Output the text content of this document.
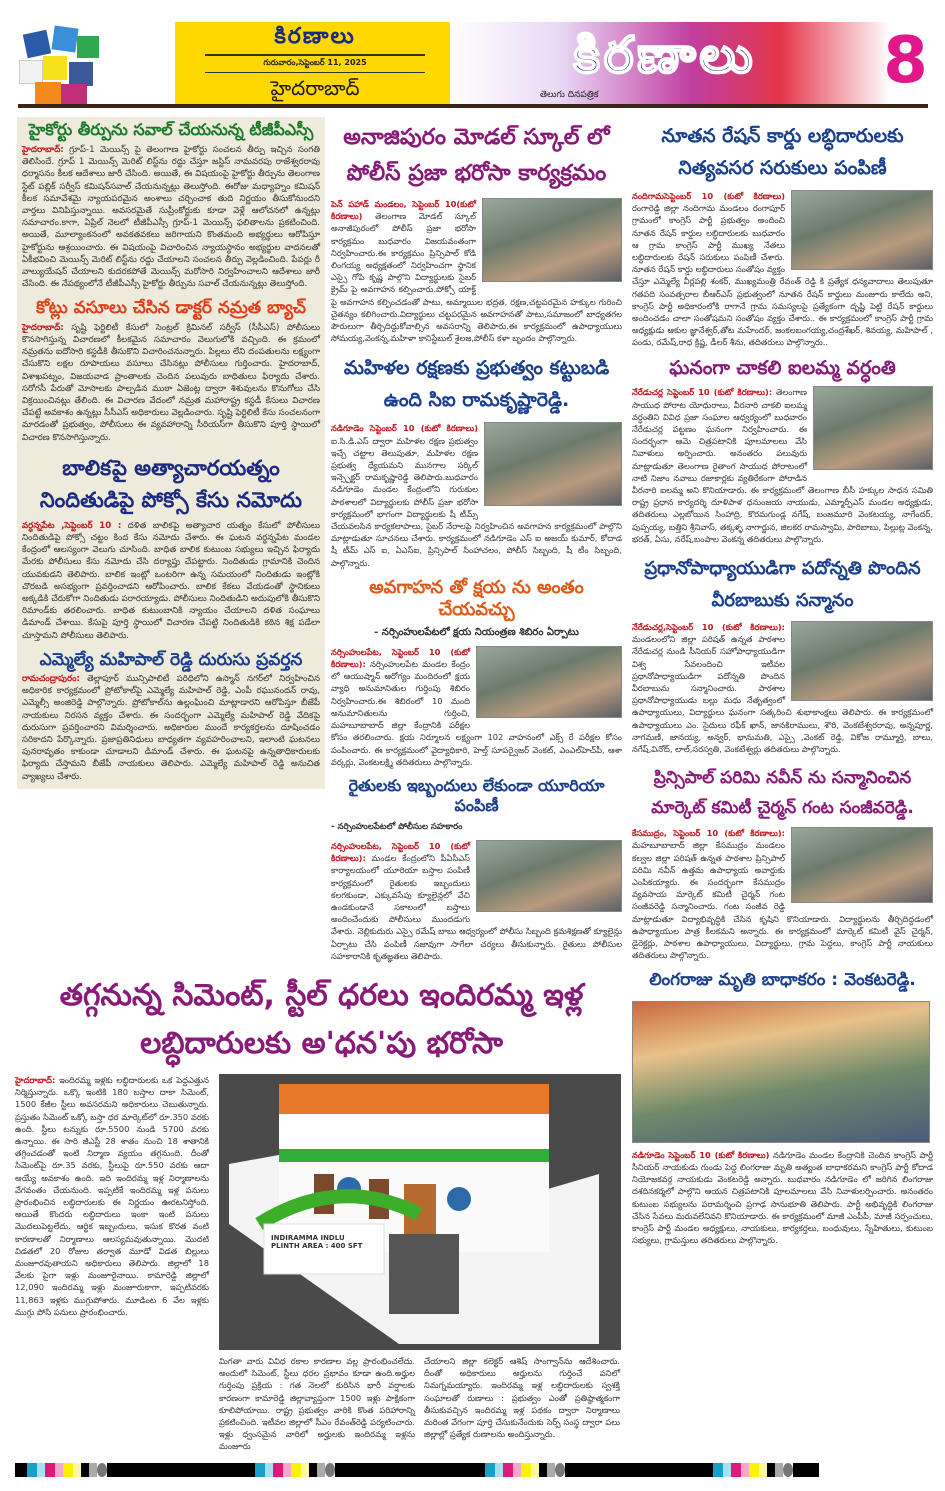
కిరణాలు
గురువారం,సెప్టెంబర్ 11, 2025
హైదరాబాద్
కిరణాలు
తెలుగు దినపత్రిక	8
హైకోర్టు తీర్పును సవాల్ చేయనున్న టీజీపీఎస్సీ
హైదరాబాద్: గ్రూప్-1 మెయిన్స్ పై తెలంగాణ హైకోర్టు సంచలన తీర్పు ఇచ్చిన సంగతి తెలిసిందే. గ్రూప్ 1 మెయిన్స్ మెరిట్ లిస్ట్‌ను రద్దు చేస్తూ జస్టిస్ నామవరపు రాజేశ్వరరావు ధర్మాసనం కీలక ఆదేశాలు జారీ చేసింది. అయితే, ఈ విషయంపై హైకోర్టు తీర్పును తెలంగాణ స్టేట్ పబ్లిక్ సర్వీస్ కమిషన్‌సవాల్ చేయనున్నట్లు తెలుస్తోంది. ఈరోజు మధ్యాహ్నం కమిషన్ కీలక సమావేశమై న్యాయపరమైన అంశాలు చర్చించాక తుది నిర్ణయం తీసుకోనుందని వార్తలు వినిపిస్తున్నాయి. అవసరమైతే సుప్రీంకోర్టుకు కూడా వెళ్లే ఆలోచనలో ఉన్నట్లు సమాచారం.కాగా, ఏప్రిల్ నెలలో టీజీపీఎస్సీ గ్రూప్-1 మెయిన్స్ ఫలితాలను ప్రకటించింది. అయితే, మూల్యాంకనంలో అవకతవకలు జరిగాయని కొంతమంది అభ్యర్థులు ఆరోపిస్తూ హైకోర్టును ఆశ్రయించారు. ఈ విషయంపై విచారించిన న్యాయస్థానం అభ్యర్థుల వాదనలతో ఏకీభవించి మెయిన్స్ మెరిట్ లిస్ట్‌ను రద్దు చేయాలని సంచలన తీర్పు వెల్లడించింది. పేపర్లు రీ వాల్యుయేషన్ చేయాలని కుదరకపోతే మెయిన్స్ మరోసారి నిర్వహించాలని ఆదేశాలు జారీ చేసింది. ఈ నేపథ్యంలోనే టీజీపీఎస్సీ హైకోర్టు తీర్పును సవాల్ చేయనున్నట్లు తెలుస్తోంది.
కోట్లు వసూలు చేసిన డాక్టర్ నమ్రత బ్యాచ్
హైదరాబాద్: సృష్టి ఫెర్టిలిటీ కేసులో సెంట్రల్ క్రిమినల్ సర్వీస్ (సీసీఎస్) పోలీసులు కొనసాగిస్తున్న విచారణలో కీలకమైన సమాచారం వెలుగులోకి వచ్చింది. ఈ క్రమంలో నమ్రతను ఐదోసారి కస్టడీకి తీసుకొని విచారించనున్నారు. పిల్లలు లేని దంపతులను లక్ష్యంగా చేసుకొని లక్షల రూపాయలు వసూలు చేసినట్లు పోలీసులు గుర్తించారు. హైదరాబాద్, విశాఖపట్నం, విజయవాడ ప్రాంతాలకు చెందిన పలువురు బాధితులు ఫిర్యాదు చేశారు. సరోగసీ పేరుతో మోసాలకు పాల్పడిన ముఠా ఏజెంట్ల ద్వారా శిశువులను కొనుగోలు చేసి విక్రయించినట్లు తేలింది. ఈ విచారణ వేదంలో నమ్రత మహారాష్ట్ర కస్టడీ కేసులు విచారణ చేపట్టే అవకాశం ఉన్నట్లు సీసీఎస్ అధికారులు వెల్లడించారు. సృష్టి ఫెర్టిలిటీ కేసు సంచలనంగా మారడంతో ప్రభుత్వం, పోలీసులు ఈ వ్యవహారాన్ని సీరియస్‌గా తీసుకొని పూర్తి స్థాయిలో విచారణ కొనసాగిస్తున్నారు.
బాలికపై అత్యాచారయత్నం నిందితుడిపై పోక్సో కేసు నమోదు
వర్ధన్నపేట ,సెప్టెంబర్ 10 : దళిత బాలికపై అత్యాచార యత్నం కేసులో పోలీసులు నిందితుడిపై పోక్సో చట్టం కింద కేసు నమోదు చేశారు. ఈ ఘటన వర్ధన్నపేట మండల కేంద్రంలో ఆలస్యంగా వెలుగు చూసింది. బాధిత బాలిక కుటుంబ సభ్యులు ఇచ్చిన ఫిర్యాదు మేరకు పోలీసులు కేసు నమోదు చేసి దర్యాప్తు చేపట్టారు. నిందితుడు గ్రామానికి చెందిన యువకుడని తెలిపారు. బాలిక ఇంట్లో ఒంటరిగా ఉన్న సమయంలో నిందితుడు ఇంట్లోకి చొరబడి అసభ్యంగా ప్రవర్తించాడని ఆరోపించారు. బాలిక కేకలు వేయడంతో స్థానికులు అక్కడికి చేరుకోగా నిందితుడు పరారయ్యాడు. పోలీసులు నిందితుడిని అదుపులోకి తీసుకొని రిమాండ్‌కు తరలించారు. బాధిత కుటుంబానికి న్యాయం చేయాలని దళిత సంఘాలు డిమాండ్ చేశాయి. కేసుపై పూర్తి స్థాయిలో విచారణ చేపట్టి నిందితుడికి కఠిన శిక్ష పడేలా చూస్తామని పోలీసులు తెలిపారు.
ఎమ్మెల్యే మహిపాల్ రెడ్డి దురుసు ప్రవర్తన
రామచంద్రాపురం: తెల్లాపూర్ మున్సిపాలిటీ పరిధిలోని ఉస్మాన్ నగర్‌లో నిర్వహించిన అధికారిక కార్యక్రమంలో ప్రోటోకాల్‌పై ఎమ్మెల్యే మహిపాల్ రెడ్డి, ఎంపీ రఘునందన్ రావు, ఎమ్మెల్సీ అంజిరెడ్డి పాల్గొన్నారు. ప్రోటోకాల్‌ను ఉల్లంఘించి మాట్లాడారని ఆరోపిస్తూ బీజేపీ నాయకులు నిరసన వ్యక్తం చేశారు. ఈ సందర్భంగా ఎమ్మెల్యే మహిపాల్ రెడ్డి వేదికపై దురుసుగా ప్రవర్తించారని విమర్శించారు. అధికారుల ముందే కార్యకర్తలను దూషించడం సరికాదని పేర్కొన్నారు. ప్రజాప్రతినిధులు బాధ్యతగా వ్యవహరించాలని, ఇలాంటి ఘటనలు పునరావృతం కాకుండా చూడాలని డిమాండ్ చేశారు. ఈ ఘటనపై ఉన్నతాధికారులకు ఫిర్యాదు చేస్తామని బీజేపీ నాయకులు తెలిపారు. ఎమ్మెల్యే మహిపాల్ రెడ్డి అనుచిత వ్యాఖ్యలు చేశారు.
అనాజిపురం మోడల్ స్కూల్ లో పోలీస్ ప్రజా భరోసా కార్యక్రమం
పెన్ పహాడ్ మండలం, సెప్టెంబర్ 10(కుటో కిరణాలు) తెలంగాణ మోడల్ స్కూల్ అనాజీపురంలో పోలీస్ ప్రజా భరోసా కార్యక్రమం బుధవారం విజయవంతంగా నిర్వహించారు.ఈ కార్యక్రమం ప్రిన్సిపాల్ కోడి లింగయ్య అధ్యక్షతంలో నిర్వహించగా స్థానిక ఎస్సై గోపి కృష్ణ పాల్గొని విద్యార్థులకు సైబర్ క్రైమ్ పై అవగాహన కల్పించారు.పోక్సో యాక్ట్ పై అవగాహన కల్పించడంతో పాటు, అమ్మాయిల భద్రత, రక్షణ,చట్టపరమైన హక్కుల గురించి చైతన్యం కలిగించారు.విద్యార్థులు చట్టపరమైన అవగాహనతో పాటు,సమాజంలో బాధ్యతగల పౌరులుగా తీర్చిదిద్దుకోవాల్సిన అవసరాన్ని తెలిపారు.ఈ కార్యక్రమంలో ఉపాధ్యాయులు సోమయ్య,వెంకన్న,మహిళా కానిస్టేబుల్ శైలజ,పోలీస్ కళా బృందం పాల్గొన్నారు.
మహిళల రక్షణకు ప్రభుత్వం కట్టుబడి ఉంది సిఐ రామకృష్ణారెడ్డి.
నడిగూడెం సెప్టెంబర్ 10 (కుటో కిరణాలు) ఐ.సి.డి.ఎస్ ద్వారా మహిళల రక్షణ ప్రభుత్వం ఇచ్చే చట్టాల తెలుపుతూ, మహిళల రక్షణ ప్రభుత్వ ధ్యేయమని మునగాల సర్కిల్ ఇన్స్పెక్టర్ రామకృష్ణారెడ్డి తెలిపారు.బుధవారం నడిగూడెం మండల కేంద్రంలోని గురుకుల పాఠశాలలో విద్యార్థులకు పోలీస్ ప్రజా భరోసా కార్యక్రమంలో భాగంగా విద్యార్థులకు షీ టీమ్స్ చేయవలసిన కార్యకలాపాలు, సైబర్ నేరాలపై నిర్వహించిన అవగాహన కార్యక్రమంలో పాల్గొని మాట్లాడుతూ సూచనలు చేశారు. కార్యక్రమంలో నడిగూడెం ఎస్ ఐ అజయ్ కుమార్, కోదాడ షీ టీమ్ ఎస్ ఐ, ఏఎస్ఐ, ప్రిన్సిపాల్ సింహాచలం, పోలీస్ సిబ్బంది, షీ టీం సిబ్బంది, పాల్గొన్నారు.
అవగాహన తో క్షయ ను అంతం చేయవచ్చు
- నర్సింహులపేటలో క్షయ నియంత్రణ శిబిరం ఏర్పాటు
నర్సింహులపేట, సెప్టెంబర్ 10 (కుటో కిరణాలు): నర్సింహులపేట మండల కేంద్రం లో ఆయుష్మాన్ ఆరోగ్యం మందిరంలో క్షయ వ్యాధి అనుమానితుల గుర్తింపు శిబిరం నిర్వహించారు.ఈ శిబిరంలో 10 మంది అనుమానితులను గుర్తించి, మహబూబాబాద్ జిల్లా కేంద్రానికి పరీక్షల కోసం తరలించారు. క్షయ నిర్మూలన లక్ష్యంగా 102 వాహనంలో ఎక్స్ రే పరీక్షల కోసం పంపించారు. ఈ కార్యక్రమంలో వైద్యాధికారి, హెల్త్ సూపర్వైజర్ వెంకట్, ఎంఎల్‌హెచ్‌పీ, ఆశా వర్కర్లు, వెంకటలక్ష్మి తదితరులు పాల్గొన్నారు.
రైతులకు ఇబ్బందులు లేకుండా యూరియా పంపిణీ
- నర్సింహులపేటలో పోలీసుల సహకారం
నర్సింహులపేట, సెప్టెంబర్ 10 (కుటో కిరణాలు): మండల కేంద్రంలోని పీఏసీఎస్ కార్యాలయంలో యూరియా బస్తాల పంపిణీ కార్యక్రమంలో రైతులకు ఇబ్బందులు కలగకుండా, ఎక్కువసేపు క్యూలైన్లలో వేచి ఉండకుండానే సకాలంలో బస్తాలు అందించేందుకు పోలీసులు ముందడుగు వేశారు. నెల్లికుదురు ఎస్సై రమేష్ బాబు ఆధ్వర్యంలో పోలీసు సిబ్బంది క్రమశిక్షణతో క్యూలైన్లు ఏర్పాటు చేసి పంపిణీ సజావుగా సాగేలా చర్యలు తీసుకున్నారు. రైతులు పోలీసుల సహకారానికి కృతజ్ఞతలు తెలిపారు.
తగ్గనున్న సిమెంట్, స్టీల్ ధరలు ఇందిరమ్మ ఇళ్ల లబ్ధిదారులకు అ'ధన'పు భరోసా
హైదరాబాద్: ఇందిరమ్మ ఇళ్లకు లబ్ధిదారులకు ఒక పెద్దఎత్తున నిర్మిస్తున్నారు. ఒక్కొ ఇంటికి 180 బస్తాల దాకా సిమెంట్, 1500 కేజీల స్టీలు అవసరమని అధికారులు చెబుతున్నారు. ప్రస్తుతం సిమెంట్ ఒక్కో బస్తా ధర మార్కెట్‌లో రూ.350 వరకు ఉంది. స్టీలు టన్నుకు రూ.5500 నుండి 5700 వరకు ఉన్నాయి. ఈ సారి జీఎస్టీ 28 శాతం నుంచి 18 శాతానికి తగ్గించడంతో ఇంటి నిర్మాణ వ్యయం తగ్గనుంది. దీంతో సిమెంట్‌పై రూ.35 వరకు, స్టీలుపై రూ.550 వరకు ఆదా అయ్యే అవకాశం ఉంది. ఇది ఇందిరమ్మ ఇళ్ల నిర్మాణాలను వేగవంతం చేయనుంది. ఇప్పటికే ఇందిరమ్మ ఇళ్ల పనులు ప్రారంభించిన లబ్ధిదారులకు ఈ నిర్ణయం ఊరటనిస్తోంది. అయితే కొందరు లబ్ధిదారులు ఇంకా ఇంటి పనులు మొదలుపెట్టలేదు. ఆర్థిక ఇబ్బందులు, ఇసుక కొరత వంటి కారణాలతో నిర్మాణాలు ఆలస్యమవుతున్నాయి. మొదటి విడతలో 20 రోజుల తర్వాత మూడో విడత బిల్లులు మంజూరవుతాయని అధికారులు తెలిపారు. జిల్లాలో 18 వేలకు పైగా ఇళ్లు మంజూరైనాయి. కామారెడ్డి జిల్లాలో 12,090 ఇందిరమ్మ ఇళ్లు మంజూరుకాగా, ఇప్పటివరకు 11,863 ఇళ్లకు ముగ్గుపోశారు. మూడింట 6 వేల ఇళ్లకు ముగ్గు పోసి పనులు ప్రారంభించారు.
INDIRAMMA INDLU
PLINTH AREA : 400 SFT
మిగతా వారు వివిధ రకాల కారణాల వల్ల ప్రారంభించలేదు. అందులో సిమెంట్, స్టీలు ధరల ప్రభావం కూడా ఉంది.అర్హుల గుర్తింపు ప్రక్రియ : గత నెలలో కురిసిన భారీ వర్షాలకు కారణంగా కామారెడ్డి జిల్లావ్యాప్తంగా 1500 ఇళ్లు పాక్షికంగా కూలిపోయాయి. రాష్ట్ర ప్రభుత్వం వారికి కొంత పరిహారాన్ని ప్రకటించింది. ఇటీవల జిల్లాలో సీఎం రేవంత్‌రెడ్డి పర్యటించారు. ఇళ్లు ధ్వంసమైన వారిలో అర్హులకు ఇందిరమ్మ ఇళ్లను మంజూరు
చేయాలని జిల్లా కలెక్టర్ ఆశిష్ సాంగ్వాన్‌ను ఆదేశించారు. దీంతో అధికారులు అర్హులను గుర్తించే పనిలో నిమగ్నమయ్యారు. ఇందిరమ్మ ఇళ్ల లబ్ధిదారులకు స్వశక్తి సంఘాలతో రుణాలు : ప్రభుత్వం ఎంతో ప్రతిష్ఠాత్మకంగా తీసుకువచ్చిన ఇందిరమ్మ ఇళ్ల పథకం ద్వారా నిర్మాణాలు మరింత వేగంగా పూర్తి చేసుకునేందుకు సెర్ప్ సంస్థ ద్వారా పలు జిల్లాల్లో ప్రత్యేక రుణాలను అందిస్తున్నారు.
నూతన రేషన్ కార్డు లబ్ధిదారులకు నిత్యవసర సరుకులు పంపిణీ
నందిగామసెప్టెంబర్ 10 (కుటో కిరణాలు) రంగారెడ్డి జిల్లా నందిగామ మండలం రంగాపూర్ గ్రామంలో కాంగ్రెస్ పార్టీ ప్రభుత్వం అందించి నూతన రేషన్ కార్డుల లబ్ధిదారులకు బుధవారం ఆ గ్రామ కాంగ్రెస్ పార్టీ ముఖ్య నేతలు లబ్ధిదారులకు రేషన్ సరుకులు పంపిణీ చేశారు. నూతన రేషన్ కార్డు లబ్ధిదారులు సంతోషం వ్యక్తం చేస్తూ ఎమ్మెల్యే వీర్లపల్లి శంకర్, ముఖ్యమంత్రి రేవంత్ రెడ్డి కి ప్రత్యేక ధన్యవాదాలు తెలుపుతూ గతపది సంవత్సరాల బీఆర్ఎస్ ప్రభుత్వంలో నూతన రేషన్ కార్డులు మంజూరు కాలేదు అని, కాంగ్రెస్ పార్టీ అధికారంలోకి రాగానే గ్రామ సమస్యలపై ప్రత్యేకంగా దృష్టి పెట్టి రేషన్ కార్డులు అందించడం చాలా సంతోషమని సంతోషం వ్యక్తం చేశారు.. ఈ కార్యక్రమంలో కాంగ్రెస్ పార్టీ గ్రామ అధ్యక్షుడు ఆకుల జ్ఞానేశ్వర్,తోట మహేందర్, జంకలబంగయ్య,చంద్రశేఖర్, శివయ్య, మహిపాల్ , పండు, రమేష్,రాధ క్రిష్ణ, డీలర్ శీను, తదితరులు పాల్గొన్నారు..
ఘనంగా చాకలి ఐలమ్మ వర్ధంతి
నేరేడుచర్ల సెప్టెంబర్ 10 (కుటో కిరణాలు): తెలంగాణ సాయుధ పోరాట యోధురాలు, వీరనారి చాకలి ఐలమ్మ వర్ధంతిని వివిధ ప్రజా సంఘాల ఆధ్వర్యంలో బుధవారం నేరేడుచర్ల పట్టణం ఘనంగా నిర్వహించారు. ఈ సందర్భంగా ఆమె చిత్రపటానికి పూలమాలలు వేసి నివాళులు అర్పించారు. అనంతరం పలువురు మాట్లాడుతూ తెలంగాణ రైతాంగ సాయుధ పోరాటంలో నాటి నిజాం నవాబు రజాకార్లకు వ్యతిరేకంగా పోరాడిన వీరనారి ఐలమ్మ అని కొనియాడారు. ఈ కార్యక్రమంలో తెలంగాణ బీసీ హక్కుల సాధన సమితి రాష్ట్ర ప్రధాన కార్యదర్శి దూళిపాళ ధనుంజయ నాయుడు, ఎమ్మార్పీఎస్ మండల అధ్యక్షుడు, తదితరులు ఎల్లబోయిన సింహాద్రి, కొరమగుండ్ల నగేష్, బంజమూరి వెంకటయ్య, నాగేందర్, పుప్పయ్య, బత్తిని శ్రీనివాస్, తక్కళ్ళ నాగార్జున, జిలకర రామస్వామి, పారిబాబు, పిల్లుట్ల వెంకన్న, భరత్, ఏసు, నరేష్,బంపాల వెంకన్న తదితరులు పాల్గొన్నారు.
ప్రధానోపాధ్యాయుడిగా పదోన్నతి పొందిన వీరబాబుకు సన్మానం
నేరేడుచర్ల,సెప్టెంబర్ 10 (కుటో కిరణాలు): మండలంలోని జిల్లా పరిషత్ ఉన్నత పాఠశాల నేరేడుచర్ల నుండి సీనియర్ సహోపాధ్యాయుడిగా విశ్వ సేవలందించి ఇటీవల ప్రధానోపాధ్యాయుడిగా పదోన్నతి పొందిన వీరబాబును సన్మానించారు. పాఠశాల ప్రధానోపాధ్యాయుడు బల్లు మధు నేతృత్వంలో ఉపాధ్యాయులు, విద్యార్థులు ఘనంగా సత్కరించి శుభాకాంక్షలు తెలిపారు. ఈ కార్యక్రమంలో ఉపాధ్యాయులు ఎం. సైదులు రఫీక్ ఖాన్, జానకిరాములు, శౌరి, వెంకటేశ్వరరావు, అన్నపూర్ణ, నాగమణి, జానయ్య, అన్వర్, భానుమతి, ఎస్సై ,వెంకట్ రెడ్డి, వికోజ రామ్మూర్తి, బాలు, నగేష్,వినోద్, లాల్,సరస్వతి, వెంకటేశ్వర్లు తదితరులు పాల్గొన్నారు.
ప్రిన్సిపాల్ పరిమి నవీన్ ను సన్మానించిన మార్కెట్ కమిటీ చైర్మన్ గంట సంజీవరెడ్డి.
కేసముద్రం, సెప్టెంబర్ 10 (కుటో కిరణాలు): మహబూబాబాద్ జిల్లా కేసముద్రం మండలం కల్వల జిల్లా పరిషత్ ఉన్నత పాఠశాల ప్రిన్సిపాల్ పరిమి నవీన్ ఉత్తమ ఉపాధ్యాయ అవార్డుకు ఎంపికయ్యారు. ఈ సందర్భంగా కేసముద్రం వ్యవసాయ మార్కెట్ కమిటీ చైర్మన్ గంట సంజీవరెడ్డి సన్మానించారు. గంట సంజీవ రెడ్డి మాట్లాడుతూ విద్యాభివృద్ధికి చేసిన కృషిని కొనియాడారు. విద్యార్థులను తీర్చిదిద్దడంలో ఉపాధ్యాయుల పాత్ర కీలకమని అన్నారు. ఈ కార్యక్రమంలో మార్కెట్ కమిటీ వైస్ చైర్మన్, డైరెక్టర్లు, పాఠశాల ఉపాధ్యాయులు, విద్యార్థులు, గ్రామ పెద్దలు, కాంగ్రెస్ పార్టీ నాయకులు తదితరులు పాల్గొన్నారు.
లింగరాజు మృతి బాధాకరం : వెంకటరెడ్డి.
నడిగూడెం సెప్టెంబర్ 10 (కుటో కిరణాలు) నడిగూడెం మండల కేంద్రానికి చెందిన కాంగ్రెస్ పార్టీ సీనియర్ నాయకుడు గుండు పెద్ద లింగరాజు మృతి అత్యంత బాధాకరమని కాంగ్రెస్ పార్టీ కోదాడ నియోజకవర్గ నాయకుడు వెంకటరెడ్డి అన్నారు. బుధవారం నడిగూడెం లో జరిగిన లింగరాజు దశదినకర్మలో పాల్గొని ఆయన చిత్రపటానికి పూలమాలలు వేసి నివాళులర్పించారు. అనంతరం కుటుంబ సభ్యులను పరామర్శించి ప్రగాఢ సానుభూతి తెలిపారు. పార్టీ అభివృద్ధికి లింగరాజు చేసిన సేవలు మరువలేనివని కొనియాడారు. ఈ కార్యక్రమంలో మాజీ ఎంపీపీ, మాజీ సర్పంచులు, కాంగ్రెస్ పార్టీ మండల అధ్యక్షులు, నాయకులు, కార్యకర్తలు, బంధువులు, స్నేహితులు, కుటుంబ సభ్యులు, గ్రామస్తులు తదితరులు పాల్గొన్నారు.
